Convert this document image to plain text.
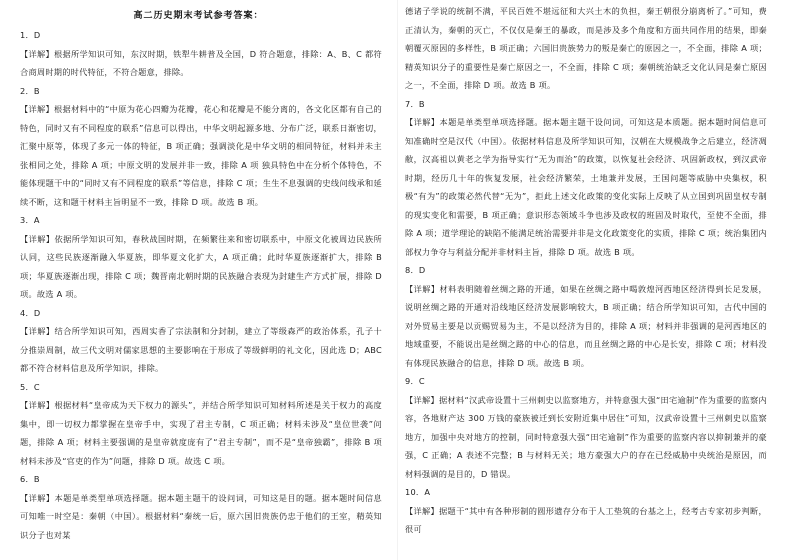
高二历史期末考试参考答案：

1．D

【详解】根据所学知识可知，东汉时期，铁犁牛耕普及全国，D 符合题意，排除：A、B、C 都符合商周时期的时代特征，不符合题意，排除。

2．B

【详解】根据材料中的“中原为花心四瓣为花瓣，花心和花瓣是不能分离的，各文化区都有自己的特色，同时又有不同程度的联系”信息可以得出，中华文明起源多地、分布广泛，联系日渐密切，汇聚中原等，体现了多元一体的特征，B 项正确；强调淡化是中华文明的相同特征，材料并未主张相同之处，排除 A 项；中原文明的发展并非一致，排除 A 项 独具特色中在分析个体特色，不能体现题干中的“同时又有不同程度的联系”等信息，排除 C 项；生生不息强调的史线问线承和延续不断，这和题干材料主旨明显不一致，排除 D 项。故选 B 项。

3．A

【详解】依据所学知识可知，春秋战国时期，在频繁往来和密切联系中，中原文化被周边民族所认同，这些民族逐渐融入华夏族，即华夏文化扩大，A 项正确；此时华夏族逐渐扩大，排除 B 项；华夏族逐渐出现，排除 C 项；魏晋南北朝时期的民族融合表现为封建生产方式扩展，排除 D 项。故选 A 项。

4．D

【详解】结合所学知识可知，西周实香了宗法制和分封制，建立了等级森严的政治体系，孔子十分推崇周制，故三代文明对儒家思想的主要影响在于形成了等级鲜明的礼文化，因此选 D；ABC 都不符合材料信息及所学知识，排除。

5．C

【详解】根据材料“皇帝成为天下权力的源头”，并结合所学知识可知材料所述是关于权力的高度集中，即一切权力都掌握在皇帝手中，实现了君主专制，C 项正确；材料未涉及“皇位世袭”问题，排除 A 项；材料主要强调的是皇帝就度庞有了“君主专制”，而不是“皇帝独霸”，排除 B 项 材料未涉及“官吏的作为”问题，排除 D 项。故选 C 项。

6．B

【详解】本题是单类型单项选择题。据本题主题干的设问词，可知这是目的题。据本题时间信息可知唯一时空是：秦朝（中国）。根据材料“秦统一后，原六国旧贵族仍忠于他们的王室，精英知识分子也对某

德诸子学说的统制不满，平民百姓不堪远征和大兴土木的负担，秦王朝很分崩离析了。”可知，费正清认为，秦朝的灭亡，不仅仅是秦王的暴政，而是涉及多个角度和方面共同作用的结果，即秦朝覆灭原因的多样性，B 项正确；六国旧贵族势力的叛是秦亡的原因之一，不全面，排除 A 项；精英知识分子的重要性是秦亡原因之一，不全面，排除 C 项；秦朝统治缺乏文化认同是秦亡原因之一，不全面，排除 D 项。故选 B 项。

7．B

【详解】本题是单类型单项选择题。据本题主题干设问词，可知这是本质题。据本题时间信息可知准确时空是汉代（中国）。依据材料信息及所学知识可知，汉朝在大规模战争之后建立，经济凋敝，汉高祖以黄老之学为指导实行“无为而治”的政策，以恢复社会经济、巩固新政权，到汉武帝时期，经历几十年的恢复发展，社会经济繁荣，土地兼并发展，王国问题等威胁中央集权，积极“有为”的政策必然代替“无为”，拒此上述文化政策的变化实际上反映了从立国到巩固皇权专制的现实变化和需要，B 项正确；意识形态领域斗争也涉及政权的班固及时取代，至使不全面，排除 A 项；道学理论的缺陷不能满足统治需要并非是文化政策变化的实质，排除 C 项；统治集团内部权力争夺与利益分配并非材料主旨，排除 D 项。故选 B 项。

8．D

【详解】材料表明随着丝绸之路的开通，如果在丝绸之路中喝敦煌河西地区经济得到长足发展，说明丝绸之路的开通对沿线地区经济发展影响较大，B 项正确；结合所学知识可知，古代中国的对外贸易主要是以贡赐贸易为主，不是以经济为目的，排除 A 项；材料并非强调的是河西地区的地域重要，不能说出是丝绸之路的中心的信息，而且丝绸之路的中心是长安，排除 C 项；材料没有体现民族融合的信息，排除 D 项。故选 B 项。

9．C

【详解】据材料“汉武帝设置十三州刺史以监察地方，并特意强大强“田宅逾制”作为重要的监察内容，各地财产达 300 万钱的豪族被迁到长安附近集中居住”可知，汉武帝设置十三州刺史以监察地方，加强中央对地方的控制，同时特意强大强“田宅逾制”作为重要的监察内容以抑制兼并的豪强，C 正确；A 表述不完整；B 与材料无关；地方豪强大户的存在已经威胁中央统治是原因，而材料强调的是目的，D 错误。

10．A

【详解】据题干“其中有各种形制的圆形遗存分布于人工垫筑的台基之上，经考古专家初步判断，很可
